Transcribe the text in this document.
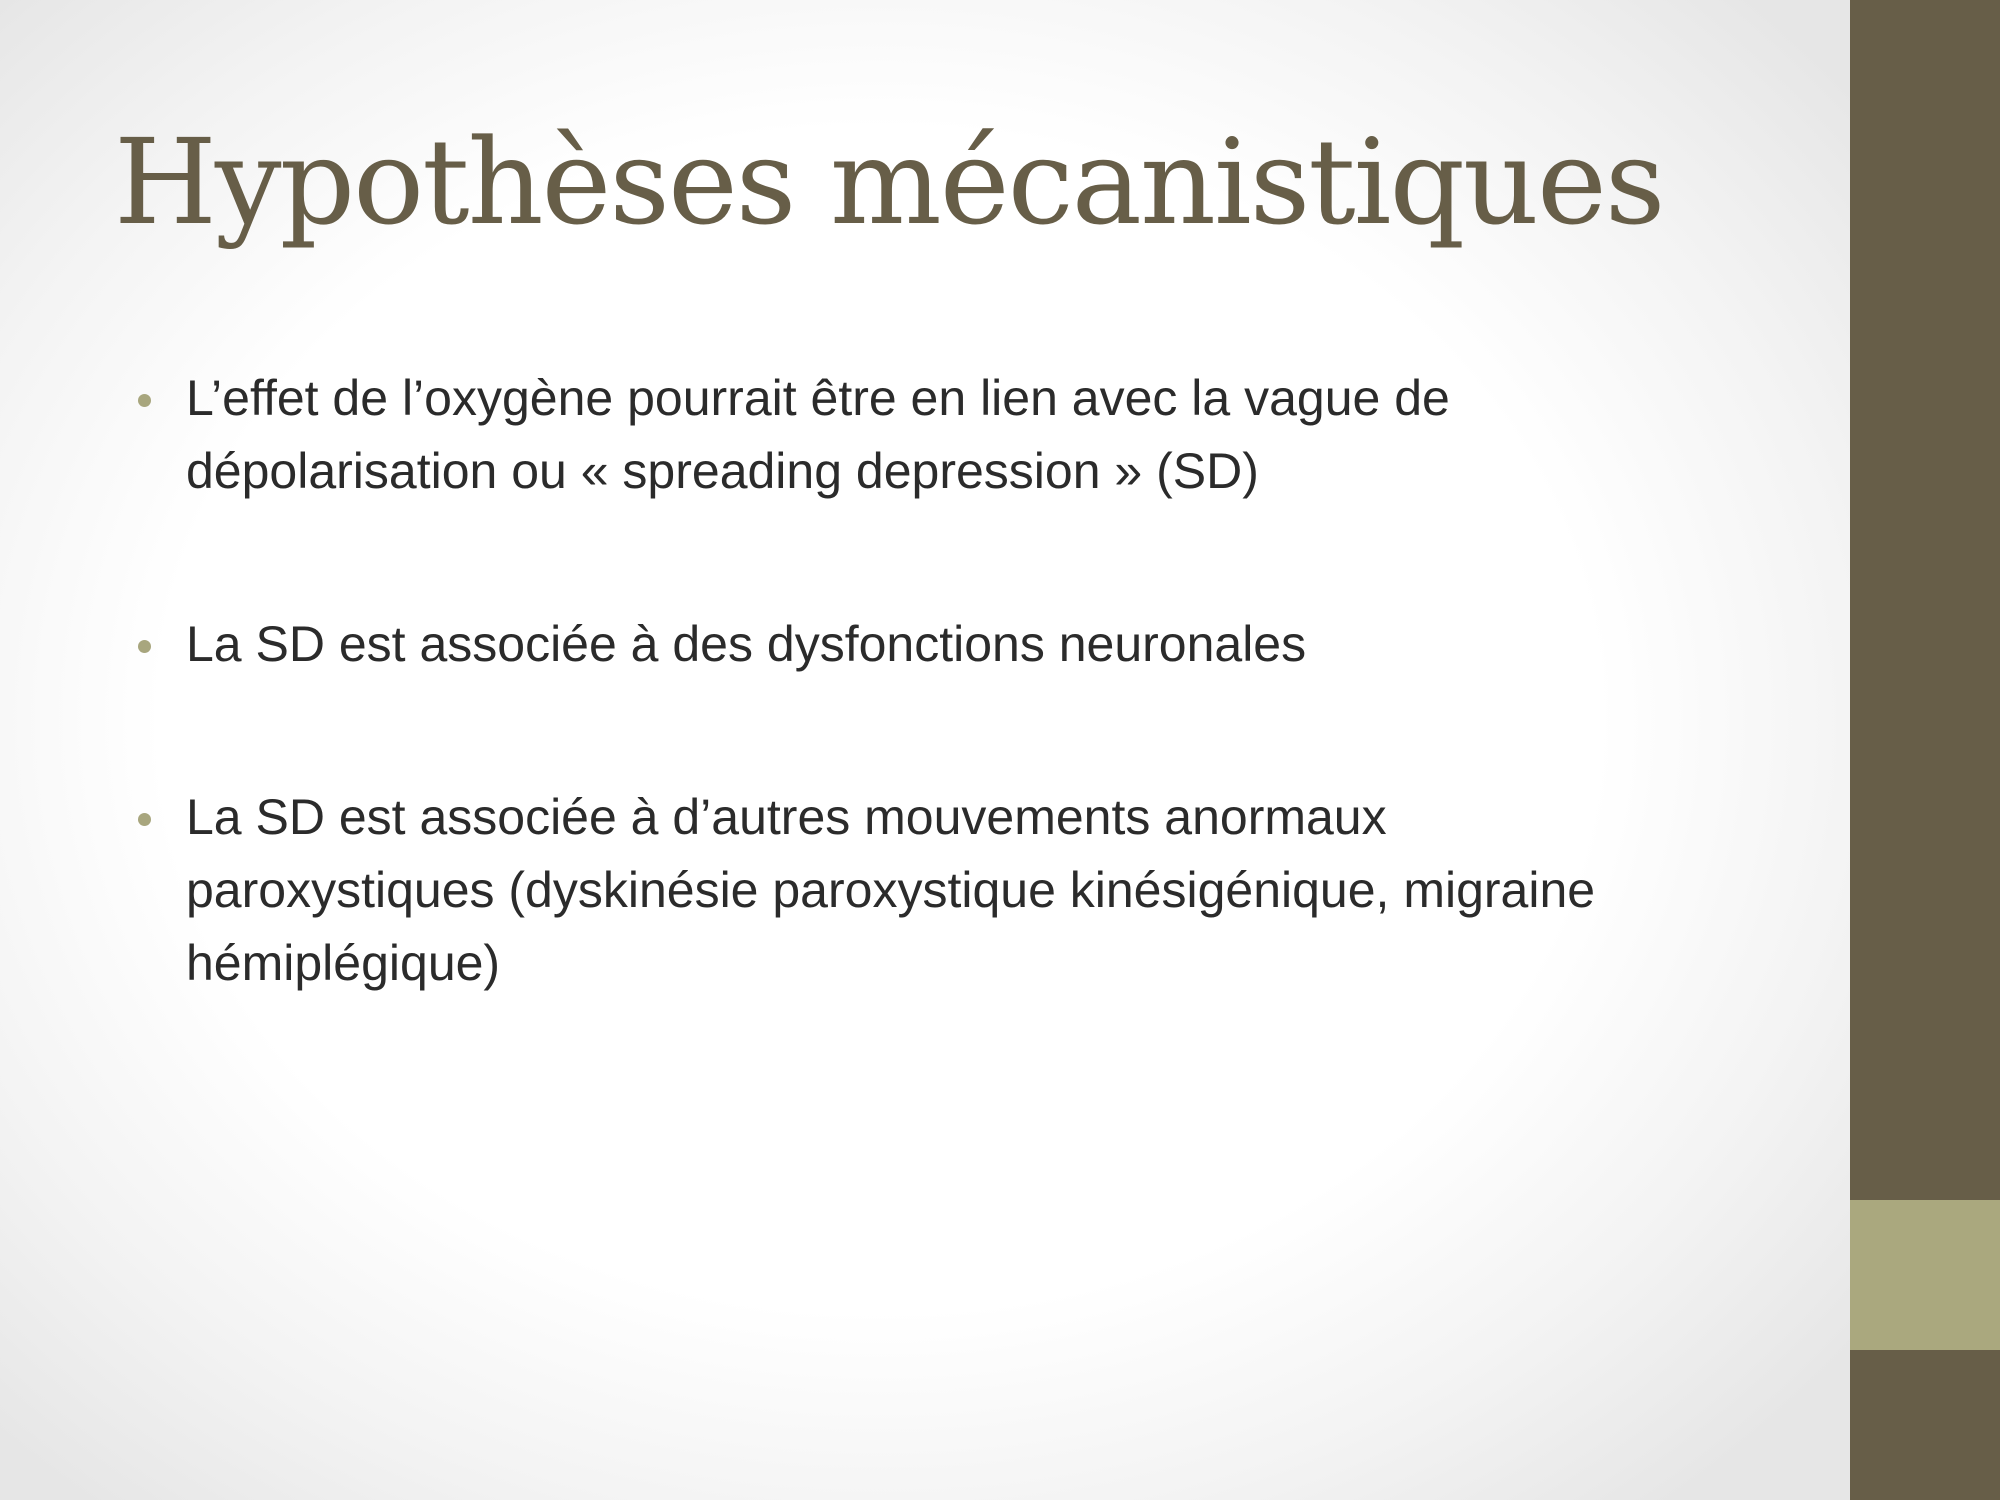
Hypothèses mécanistiques
L’effet de l’oxygène pourrait être en lien avec la vague de dépolarisation ou « spreading depression » (SD)
La SD est associée à des dysfonctions neuronales
La SD est associée à d’autres mouvements anormaux paroxystiques (dyskinésie paroxystique kinésigénique, migraine hémiplégique)
